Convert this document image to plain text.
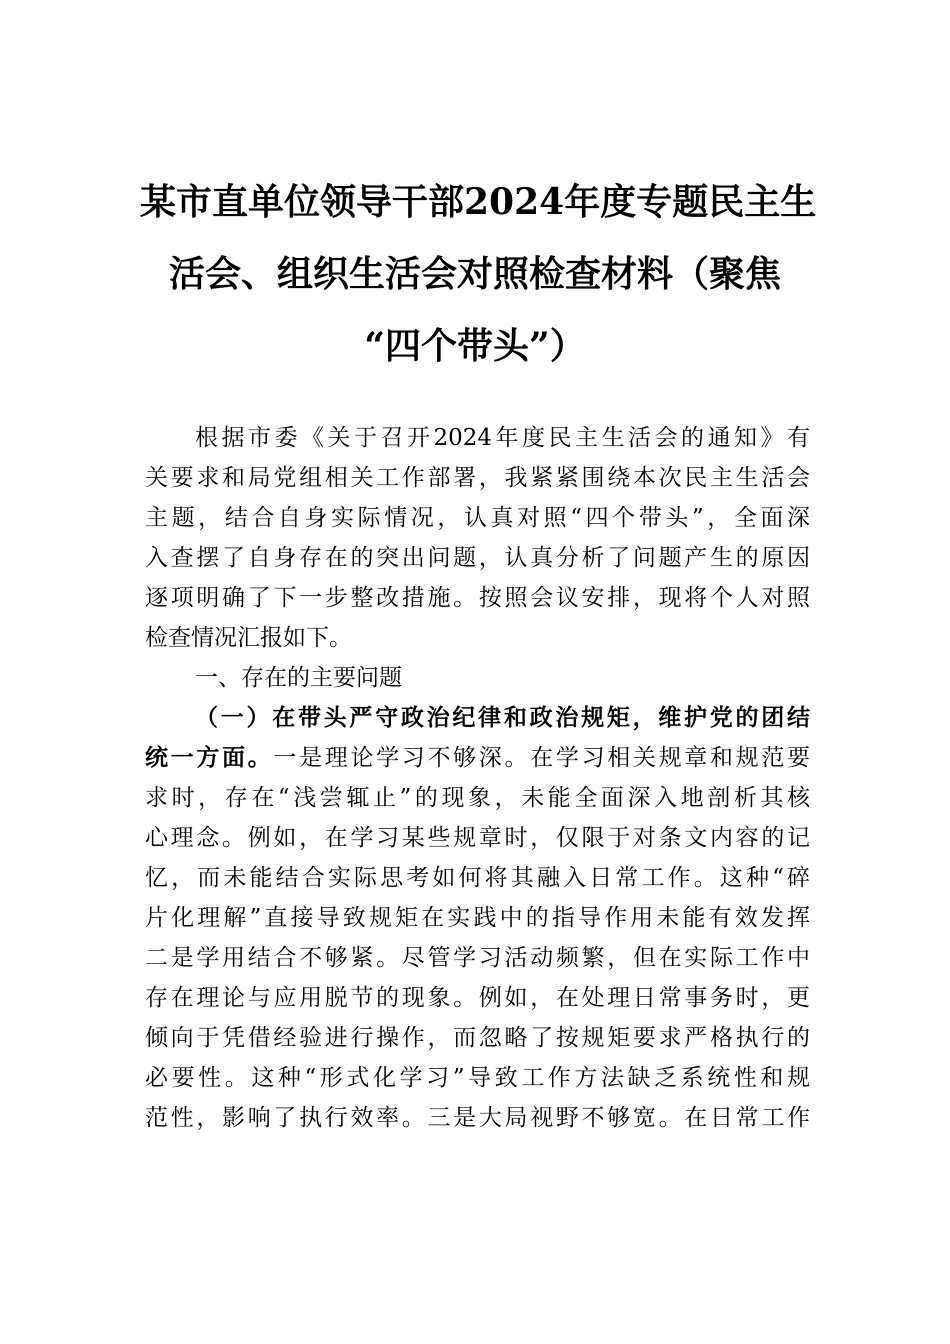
某市直单位领导干部2024年度专题民主生
活会、组织生活会对照检查材料（聚焦
“四个带头”）
根据市委《关于召开2024年度民主生活会的通知》有
关要求和局党组相关工作部署，我紧紧围绕本次民主生活会
主题，结合自身实际情况，认真对照“四个带头”，全面深
入查摆了自身存在的突出问题，认真分析了问题产生的原因
逐项明确了下一步整改措施。按照会议安排，现将个人对照
检查情况汇报如下。
一、存在的主要问题
（一）在带头严守政治纪律和政治规矩，维护党的团结
统一方面。一是理论学习不够深。在学习相关规章和规范要
求时，存在“浅尝辄止”的现象，未能全面深入地剖析其核
心理念。例如，在学习某些规章时，仅限于对条文内容的记
忆，而未能结合实际思考如何将其融入日常工作。这种“碎
片化理解”直接导致规矩在实践中的指导作用未能有效发挥
二是学用结合不够紧。尽管学习活动频繁，但在实际工作中
存在理论与应用脱节的现象。例如，在处理日常事务时，更
倾向于凭借经验进行操作，而忽略了按规矩要求严格执行的
必要性。这种“形式化学习”导致工作方法缺乏系统性和规
范性，影响了执行效率。三是大局视野不够宽。在日常工作
